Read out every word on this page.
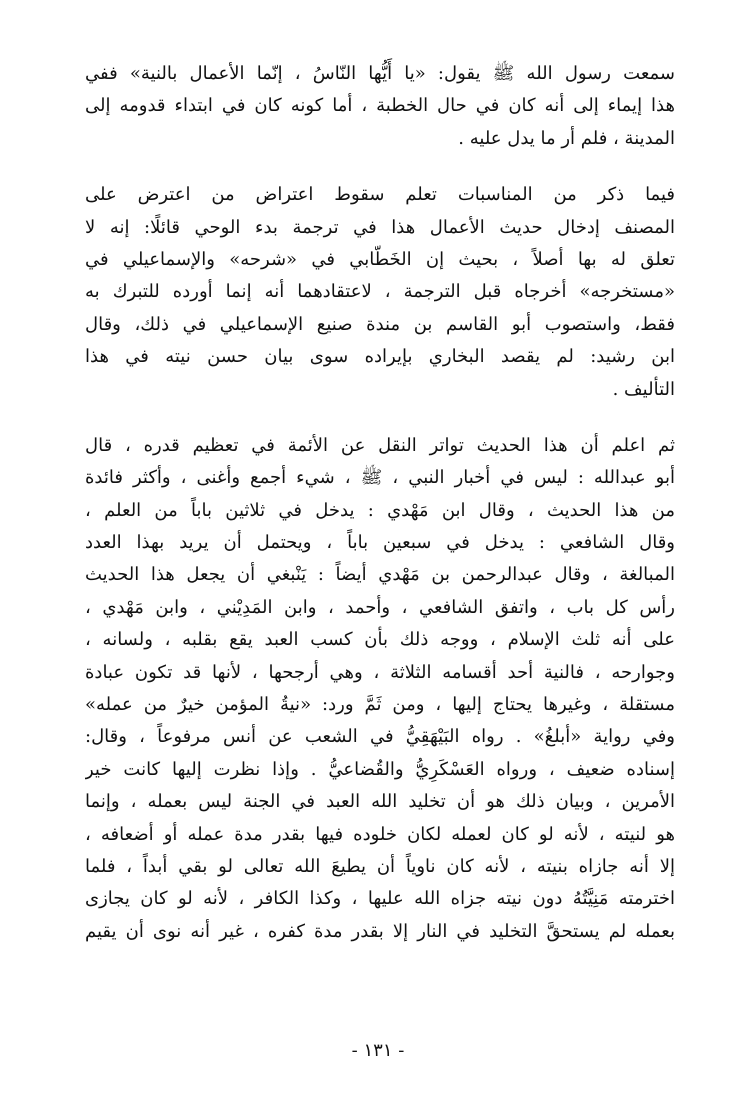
سمعت رسول الله ﷺ يقول: «يا أَيُّها النّاسُ ، إنّما الأعمال بالنية» ففي
هذا إيماء إلى أنه كان في حال الخطبة ، أما كونه كان في ابتداء قدومه إلى
المدينة ، فلم أر ما يدل عليه .
فيما ذكر من المناسبات تعلم سقوط اعتراض من اعترض على
المصنف إدخال حديث الأعمال هذا في ترجمة بدء الوحي قائلًا: إنه لا
تعلق له بها أصلاً ، بحيث إن الخَطّابي في «شرحه» والإسماعيلي في
«مستخرجه» أخرجاه قبل الترجمة ، لاعتقادهما أنه إنما أورده للتبرك به
فقط، واستصوب أبو القاسم بن مندة صنيع الإسماعيلي في ذلك، وقال
ابن رشيد: لم يقصد البخاري بإيراده سوى بيان حسن نيته في هذا
التأليف .
ثم اعلم أن هذا الحديث تواتر النقل عن الأئمة في تعظيم قدره ، قال
أبو عبدالله : ليس في أخبار النبي ، ﷺ ، شيء أجمع وأغنى ، وأكثر فائدة
من هذا الحديث ، وقال ابن مَهْدي : يدخل في ثلاثين باباً من العلم ،
وقال الشافعي : يدخل في سبعين باباً ، ويحتمل أن يريد بهذا العدد
المبالغة ، وقال عبدالرحمن بن مَهْدي أيضاً : يَنْبغي أن يجعل هذا الحديث
رأس كل باب ، واتفق الشافعي ، وأحمد ، وابن المَدِيْني ، وابن مَهْدي ،
على أنه ثلث الإسلام ، ووجه ذلك بأن كسب العبد يقع بقلبه ، ولسانه ،
وجوارحه ، فالنية أحد أقسامه الثلاثة ، وهي أرجحها ، لأنها قد تكون عبادة
مستقلة ، وغيرها يحتاج إليها ، ومن ثَمَّ ورد: «نيةُ المؤمن خيرٌ من عمله»
وفي رواية «أبلغُ» . رواه البَيْهَقِيُّ في الشعب عن أنس مرفوعاً ، وقال:
إسناده ضعيف ، ورواه العَسْكَرِيُّ والقُضاعيُّ . وإذا نظرت إليها كانت خير
الأمرين ، وبيان ذلك هو أن تخليد الله العبد في الجنة ليس بعمله ، وإنما
هو لنيته ، لأنه لو كان لعمله لكان خلوده فيها بقدر مدة عمله أو أضعافه ،
إلا أنه جازاه بنيته ، لأنه كان ناوياً أن يطيعَ الله تعالى لو بقي أبداً ، فلما
اخترمته مَنِيَّتُهُ دون نيته جزاه الله عليها ، وكذا الكافر ، لأنه لو كان يجازى
بعمله لم يستحقَّ التخليد في النار إلا بقدر مدة كفره ، غير أنه نوى أن يقيم
- ١٣١ -
